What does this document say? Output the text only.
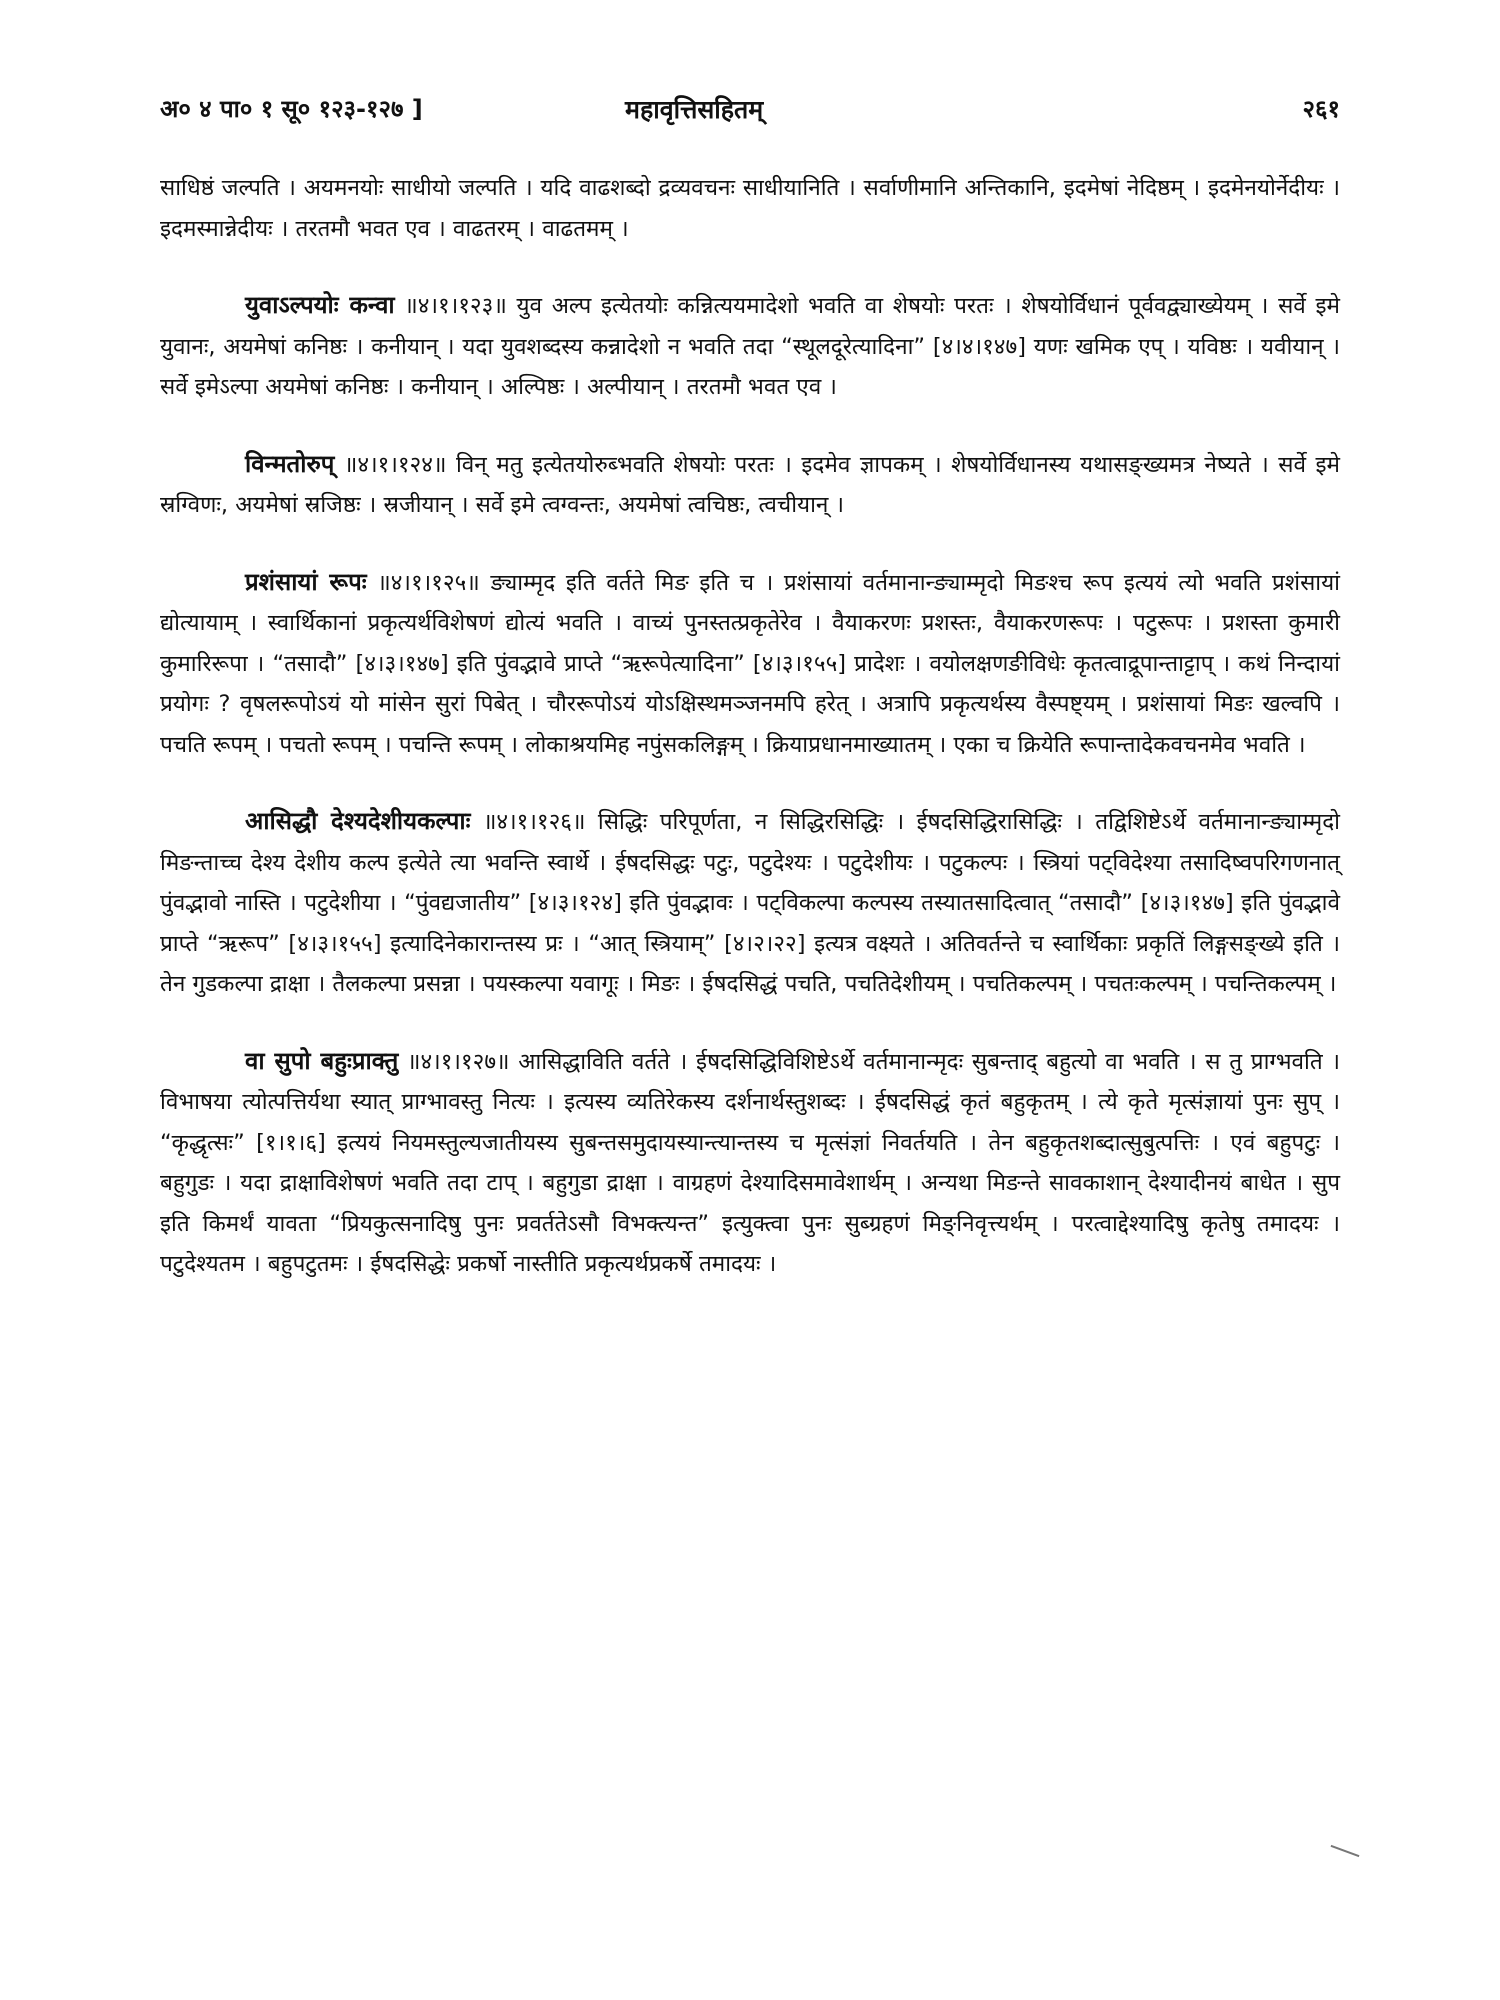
अ० ४ पा० १ सू० १२३-१२७ ]	महावृत्तिसहितम्	२६१

साधिष्ठं जल्पति । अयमनयोः साधीयो जल्पति । यदि वाढशब्दो द्रव्यवचनः साधीयानिति । सर्वाणीमानि अन्तिकानि, इदमेषां नेदिष्ठम् । इदमेनयोर्नेदीयः । इदमस्मान्नेदीयः । तरतमौ भवत एव । वाढतरम् । वाढतमम् ।

युवाऽल्पयोः कन्वा ॥४।१।१२३॥ युव अल्प इत्येतयोः कन्नित्ययमादेशो भवति वा शेषयोः परतः । शेषयोर्विधानं पूर्ववद्व्याख्येयम् । सर्वे इमे युवानः, अयमेषां कनिष्ठः । कनीयान् । यदा युवशब्दस्य कन्नादेशो न भवति तदा “स्थूलदूरेत्यादिना” [४।४।१४७] यणः खमिक एप् । यविष्ठः । यवीयान् । सर्वे इमेऽल्पा अयमेषां कनिष्ठः । कनीयान् । अल्पिष्ठः । अल्पीयान् । तरतमौ भवत एव ।

विन्मतोरुप् ॥४।१।१२४॥ विन् मतु इत्येतयोरुब्भवति शेषयोः परतः । इदमेव ज्ञापकम् । शेषयोर्विधानस्य यथासङ्ख्यमत्र नेष्यते । सर्वे इमे स्रग्विणः, अयमेषां स्रजिष्ठः । स्रजीयान् । सर्वे इमे त्वग्वन्तः, अयमेषां त्वचिष्ठः, त्वचीयान् ।

प्रशंसायां रूपः ॥४।१।१२५॥ ङ्याम्मृद इति वर्तते मिङ इति च । प्रशंसायां वर्तमानान्ङ्याम्मृदो मिङश्च रूप इत्ययं त्यो भवति प्रशंसायां द्योत्यायाम् । स्वार्थिकानां प्रकृत्यर्थविशेषणं द्योत्यं भवति । वाच्यं पुनस्तत्प्रकृतेरेव । वैयाकरणः प्रशस्तः, वैयाकरणरूपः । पटुरूपः । प्रशस्ता कुमारी कुमारिरूपा । “तसादौ” [४।३।१४७] इति पुंवद्भावे प्राप्ते “ऋरूपेत्यादिना” [४।३।१५५] प्रादेशः । वयोलक्षणङीविधेः कृतत्वाद्रूपान्ताट्टाप् । कथं निन्दायां प्रयोगः ? वृषलरूपोऽयं यो मांसेन सुरां पिबेत् । चौररूपोऽयं योऽक्षिस्थमञ्जनमपि हरेत् । अत्रापि प्रकृत्यर्थस्य वैस्पष्ट्यम् । प्रशंसायां मिङः खल्वपि । पचति रूपम् । पचतो रूपम् । पचन्ति रूपम् । लोकाश्रयमिह नपुंसकलिङ्गम् । क्रियाप्रधानमाख्यातम् । एका च क्रियेति रूपान्तादेकवचनमेव भवति ।

आसिद्धौ देश्यदेशीयकल्पाः ॥४।१।१२६॥ सिद्धिः परिपूर्णता, न सिद्धिरसिद्धिः । ईषदसिद्धिरासिद्धिः । तद्विशिष्टेऽर्थे वर्तमानान्ङ्याम्मृदो मिङन्ताच्च देश्य देशीय कल्प इत्येते त्या भवन्ति स्वार्थे । ईषदसिद्धः पटुः, पटुदेश्यः । पटुदेशीयः । पटुकल्पः । स्त्रियां पट्विदेश्या तसादिष्वपरिगणनात् पुंवद्भावो नास्ति । पटुदेशीया । “पुंवद्यजातीय” [४।३।१२४] इति पुंवद्भावः । पट्विकल्पा कल्पस्य तस्यातसादित्वात् “तसादौ” [४।३।१४७] इति पुंवद्भावे प्राप्ते “ऋरूप” [४।३।१५५] इत्यादिनेकारान्तस्य प्रः । “आत् स्त्रियाम्” [४।२।२२] इत्यत्र वक्ष्यते । अतिवर्तन्ते च स्वार्थिकाः प्रकृतिं लिङ्गसङ्ख्ये इति । तेन गुडकल्पा द्राक्षा । तैलकल्पा प्रसन्ना । पयस्कल्पा यवागूः । मिङः । ईषदसिद्धं पचति, पचतिदेशीयम् । पचतिकल्पम् । पचतःकल्पम् । पचन्तिकल्पम् ।

वा सुपो बहुःप्राक्तु ॥४।१।१२७॥ आसिद्धाविति वर्तते । ईषदसिद्धिविशिष्टेऽर्थे वर्तमानान्मृदः सुबन्ताद् बहुत्यो वा भवति । स तु प्राग्भवति । विभाषया त्योत्पत्तिर्यथा स्यात् प्राग्भावस्तु नित्यः । इत्यस्य व्यतिरेकस्य दर्शनार्थस्तुशब्दः । ईषदसिद्धं कृतं बहुकृतम् । त्ये कृते मृत्संज्ञायां पुनः सुप् । “कृद्धृत्सः” [१।१।६] इत्ययं नियमस्तुल्यजातीयस्य सुबन्तसमुदायस्यान्त्यान्तस्य च मृत्संज्ञां निवर्तयति । तेन बहुकृतशब्दात्सुबुत्पत्तिः । एवं बहुपटुः । बहुगुडः । यदा द्राक्षाविशेषणं भवति तदा टाप् । बहुगुडा द्राक्षा । वाग्रहणं देश्यादिसमावेशार्थम् । अन्यथा मिङन्ते सावकाशान् देश्यादीनयं बाधेत । सुप इति किमर्थं यावता “प्रियकुत्सनादिषु पुनः प्रवर्ततेऽसौ विभक्त्यन्त” इत्युक्त्वा पुनः सुब्ग्रहणं मिङ्निवृत्त्यर्थम् । परत्वाद्देश्यादिषु कृतेषु तमादयः । पटुदेश्यतम । बहुपटुतमः । ईषदसिद्धेः प्रकर्षो नास्तीति प्रकृत्यर्थप्रकर्षे तमादयः ।
